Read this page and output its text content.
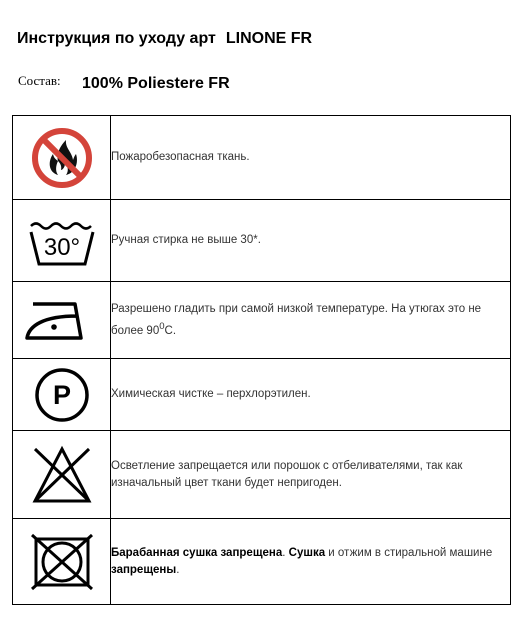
Инструкция по уходу арт LINONE FR
Состав: 100% Poliestere FR
	Пожаробезопасная ткань.

30°	Ручная стирка не выше 30*.

	Разрешено гладить при самой низкой температуре. На утюгах это не более $90^0С$.

P	Химическая чистке – перхлорэтилен.

	Осветление запрещается или порошок с отбеливателями, так как изначальный цвет ткани будет непригоден.

	Барабанная сушка запрещена. Сушка и отжим в стиральной машине запрещены.
